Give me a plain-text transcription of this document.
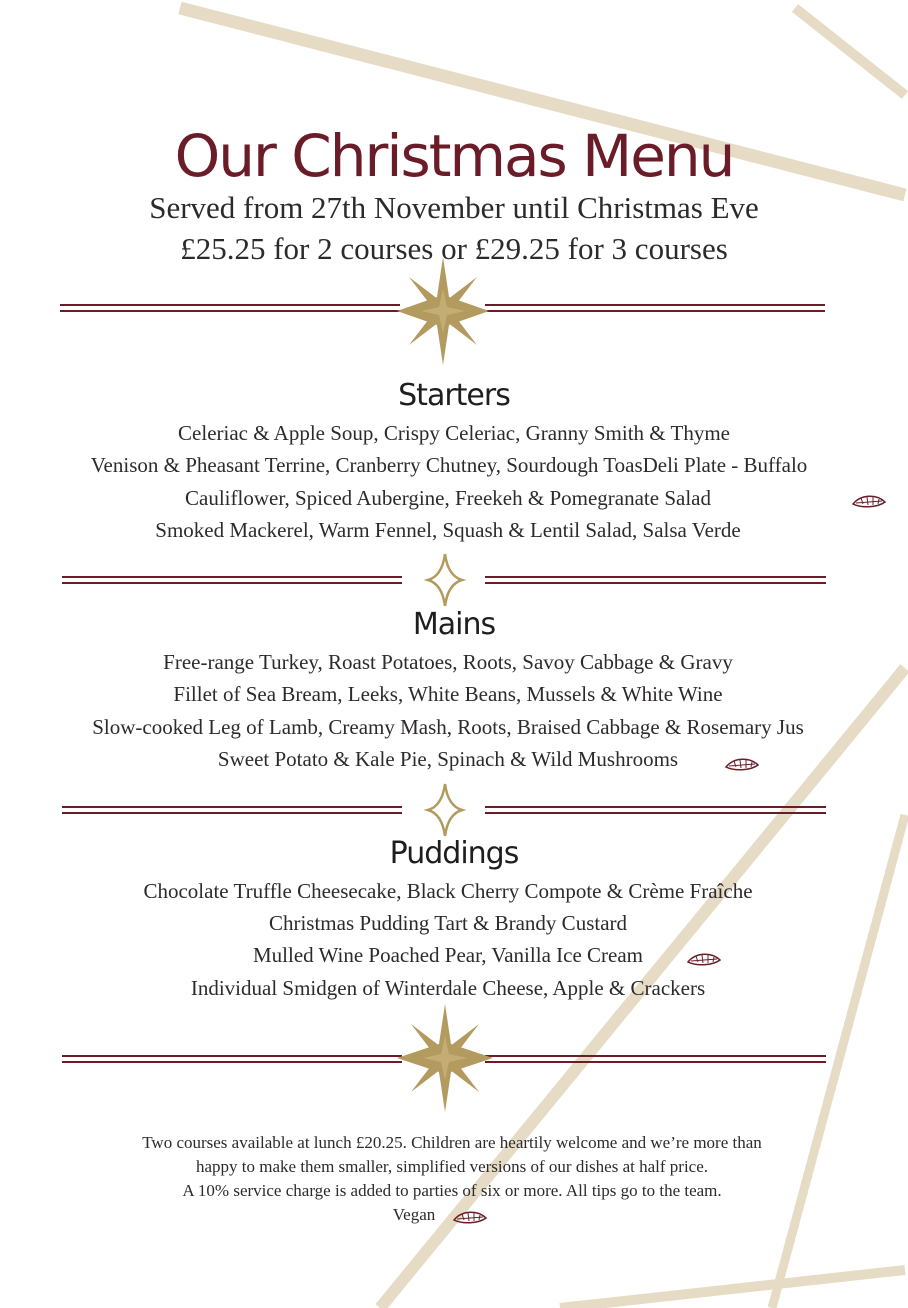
Our Christmas Menu
Served from 27th November until Christmas Eve
£25.25 for 2 courses or £29.25 for 3 courses
Starters
Celeriac & Apple Soup, Crispy Celeriac, Granny Smith & Thyme
Venison & Pheasant Terrine, Cranberry Chutney, Sourdough ToasDeli Plate - Buffalo
Cauliflower, Spiced Aubergine, Freekeh & Pomegranate Salad
Smoked Mackerel, Warm Fennel, Squash & Lentil Salad, Salsa Verde
Mains
Free-range Turkey, Roast Potatoes, Roots, Savoy Cabbage & Gravy
Fillet of Sea Bream, Leeks, White Beans, Mussels & White Wine
Slow-cooked Leg of Lamb, Creamy Mash, Roots, Braised Cabbage & Rosemary Jus
Sweet Potato & Kale Pie, Spinach & Wild Mushrooms
Puddings
Chocolate Truffle Cheesecake, Black Cherry Compote & Crème Fraîche
Christmas Pudding Tart & Brandy Custard
Mulled Wine Poached Pear, Vanilla Ice Cream
Individual Smidgen of Winterdale Cheese, Apple & Crackers
Two courses available at lunch £20.25. Children are heartily welcome and we’re more than
happy to make them smaller, simplified versions of our dishes at half price.
A 10% service charge is added to parties of six or more. All tips go to the team.
Vegan
